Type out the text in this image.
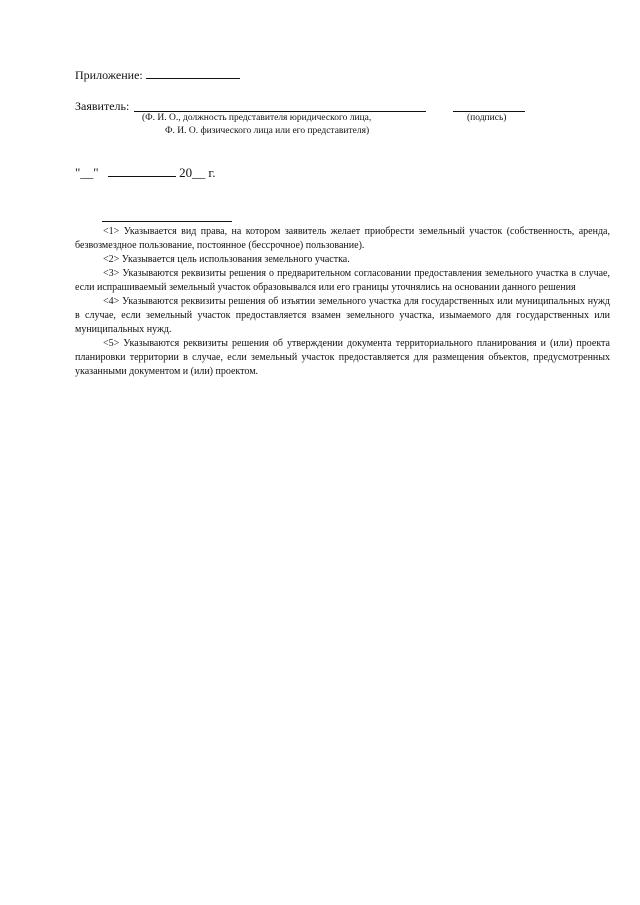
Приложение:
Заявитель:
(Ф. И. О., должность представителя юридического лица,
Ф. И. О. физического лица или его представителя)
(подпись)
"__"	20__ г.

<1> Указывается вид права, на котором заявитель желает приобрести земельный участок (собственность, аренда, безвозмездное пользование, постоянное (бессрочное) пользование).

<2> Указывается цель использования земельного участка.

<3> Указываются реквизиты решения о предварительном согласовании предоставления земельного участка в случае, если испрашиваемый земельный участок образовывался или его границы уточнялись на основании данного решения

<4> Указываются реквизиты решения об изъятии земельного участка для государственных или муниципальных нужд в случае, если земельный участок предоставляется взамен земельного участка, изымаемого для государственных или муниципальных нужд.

<5> Указываются реквизиты решения об утверждении документа территориального планирования и (или) проекта планировки территории в случае, если земельный участок предоставляется для размещения объектов, предусмотренных указанными документом и (или) проектом.
